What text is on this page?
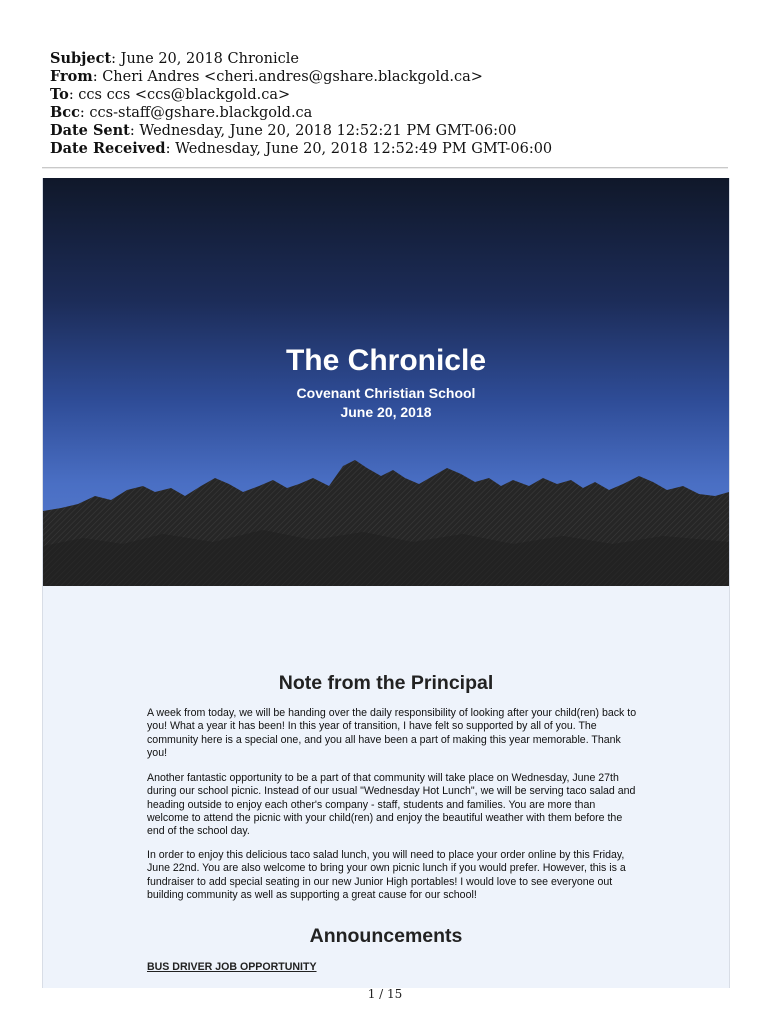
Subject: June 20, 2018 Chronicle
From: Cheri Andres <cheri.andres@gshare.blackgold.ca>
To: ccs ccs <ccs@blackgold.ca>
Bcc: ccs-staff@gshare.blackgold.ca
Date Sent: Wednesday, June 20, 2018 12:52:21 PM GMT-06:00
Date Received: Wednesday, June 20, 2018 12:52:49 PM GMT-06:00
The Chronicle
Covenant Christian School
June 20, 2018
Note from the Principal
A week from today, we will be handing over the daily responsibility of looking after your child(ren) back to you! What a year it has been! In this year of transition, I have felt so supported by all of you. The community here is a special one, and you all have been a part of making this year memorable. Thank you!
Another fantastic opportunity to be a part of that community will take place on Wednesday, June 27th during our school picnic. Instead of our usual "Wednesday Hot Lunch", we will be serving taco salad and heading outside to enjoy each other's company - staff, students and families. You are more than welcome to attend the picnic with your child(ren) and enjoy the beautiful weather with them before the end of the school day.
In order to enjoy this delicious taco salad lunch, you will need to place your order online by this Friday, June 22nd. You are also welcome to bring your own picnic lunch if you would prefer. However, this is a fundraiser to add special seating in our new Junior High portables! I would love to see everyone out building community as well as supporting a great cause for our school!
Announcements
BUS DRIVER JOB OPPORTUNITY
1 / 15
